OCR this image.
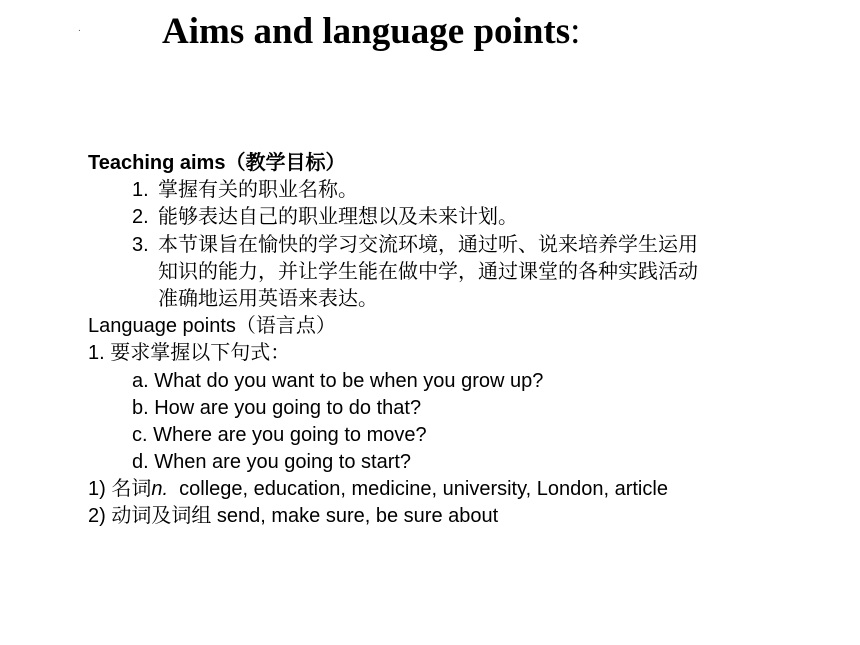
. Aims and language points:
Teaching aims（教学目标）
1. 掌握有关的职业名称。
2. 能够表达自己的职业理想以及未来计划。
3. 本节课旨在愉快的学习交流环境，通过听、说来培养学生运用
知识的能力，并让学生能在做中学，通过课堂的各种实践活动
准确地运用英语来表达。
Language points（语言点）
1. 要求掌握以下句式：
a. What do you want to be when you grow up?
b. How are you going to do that?
c. Where are you going to move?
d. When are you going to start?
1) 名词n.  college, education, medicine, university, London, article
2) 动词及词组 send, make sure, be sure about
